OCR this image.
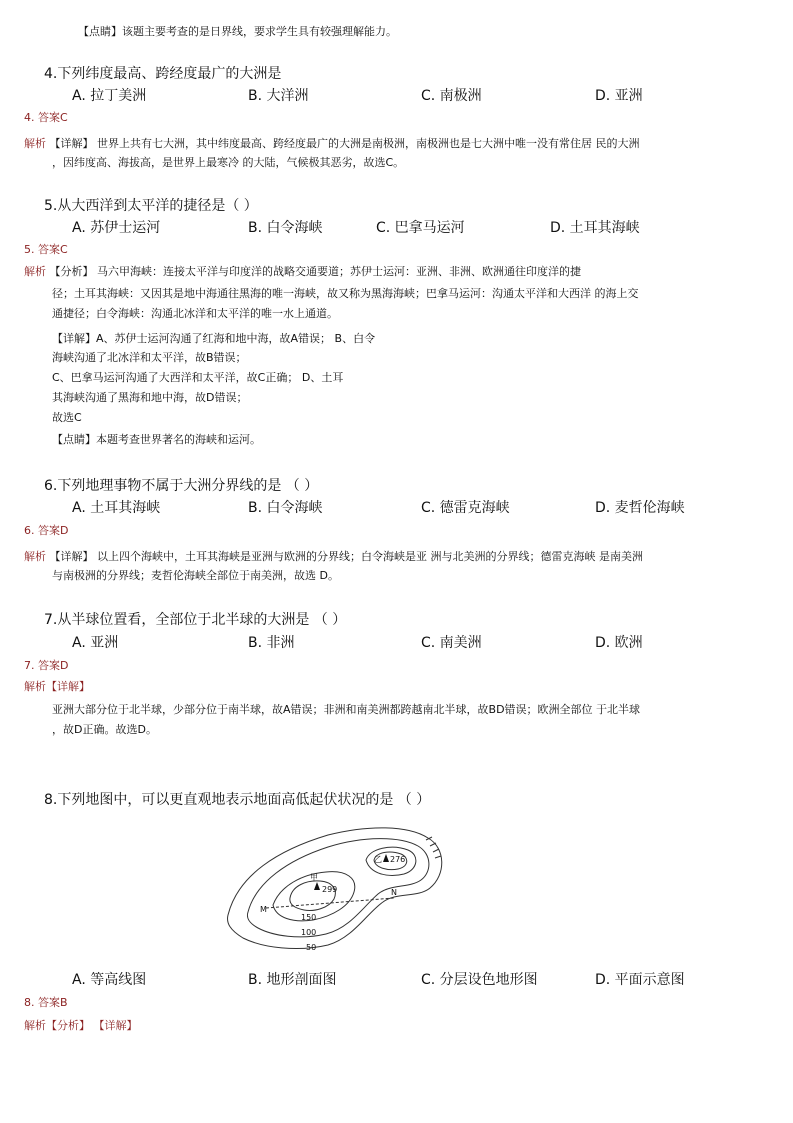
【点睛】该题主要考查的是日界线，要求学生具有较强理解能力。
4.下列纬度最高、跨经度最广的大洲是
A. 拉丁美洲	B. 大洋洲	C. 南极洲	D. 亚洲
4. 答案C
解析 【详解】 世界上共有七大洲，其中纬度最高、跨经度最广的大洲是南极洲，南极洲也是七大洲中唯一没有常住居 民的大洲
，因纬度高、海拔高，是世界上最寒冷 的大陆，气候极其恶劣，故选C。
5.从大西洋到太平洋的捷径是（ ）
A. 苏伊士运河	B. 白令海峡	C. 巴拿马运河	D. 土耳其海峡
5. 答案C
解析 【分析】 马六甲海峡：连接太平洋与印度洋的战略交通要道；苏伊士运河：亚洲、非洲、欧洲通往印度洋的捷
径；土耳其海峡：又因其是地中海通往黑海的唯一海峡，故又称为黑海海峡；巴拿马运河：沟通太平洋和大西洋 的海上交
通捷径；白令海峡：沟通北冰洋和太平洋的唯一水上通道。
【详解】A、苏伊士运河沟通了红海和地中海，故A错误； B、白令
海峡沟通了北冰洋和太平洋，故B错误；
C、巴拿马运河沟通了大西洋和太平洋，故C正确； D、土耳
其海峡沟通了黑海和地中海，故D错误；
故选C
【点睛】本题考查世界著名的海峡和运河。
6.下列地理事物不属于大洲分界线的是 （ ）
A. 土耳其海峡	B. 白令海峡	C. 德雷克海峡	D. 麦哲伦海峡
6. 答案D
解析 【详解】 以上四个海峡中，土耳其海峡是亚洲与欧洲的分界线；白令海峡是亚 洲与北美洲的分界线；德雷克海峡 是南美洲
与南极洲的分界线；麦哲伦海峡全部位于南美洲，故选 D。
7.从半球位置看，全部位于北半球的大洲是 （ ）
A. 亚洲	B. 非洲	C. 南美洲	D. 欧洲
7. 答案D
解析【详解】
亚洲大部分位于北半球，少部分位于南半球，故A错误；非洲和南美洲都跨越南北半球，故BD错误；欧洲全部位 于北半球
，故D正确。故选D。
8.下列地图中，可以更直观地表示地面高低起伏状况的是 （ ）
甲
299
乙 276
M
N
150
100
50
A. 等高线图	B. 地形剖面图	C. 分层设色地形图	D. 平面示意图
8. 答案B
解析【分析】 【详解】
